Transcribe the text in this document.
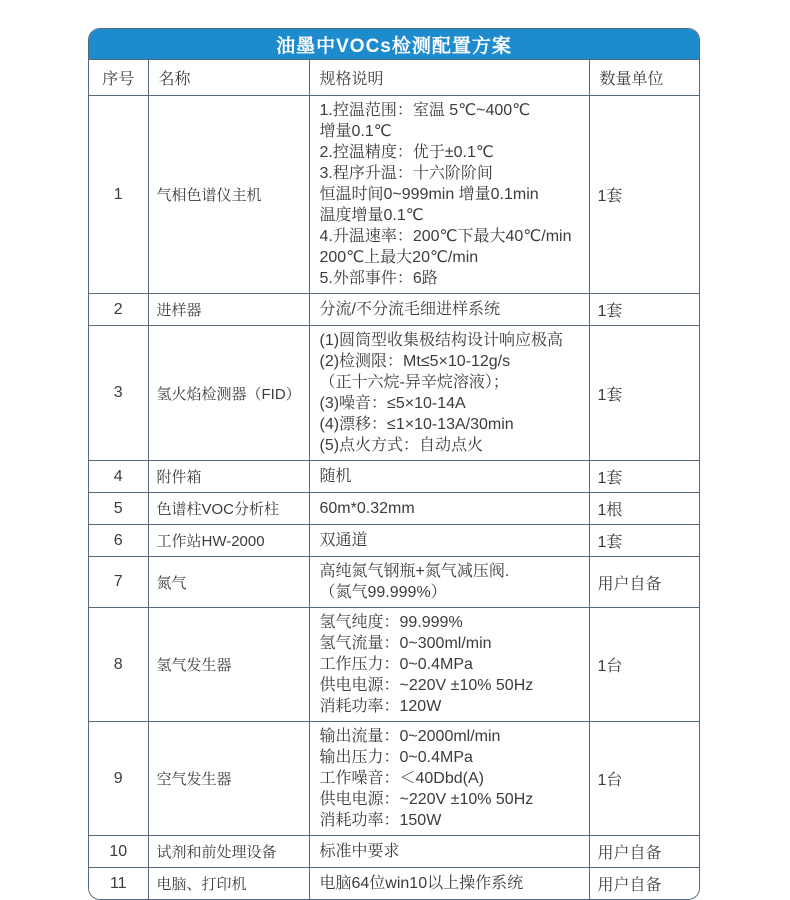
油墨中VOCs检测配置方案
序号	名称	规格说明	数量单位
1	气相色谱仪主机	
1.控温范围：室温 5℃~400℃
增量0.1℃
2.控温精度：优于±0.1℃
3.程序升温：十六阶阶间
恒温时间0~999min 增量0.1min
温度增量0.1℃
4.升温速率：200℃下最大40℃/min
200℃上最大20℃/min
5.外部事件：6路
	1套
2	进样器	分流/不分流毛细进样系统	1套
3	氢火焰检测器（FID）	
(1)圆筒型收集极结构设计响应极高
(2)检测限：Mt≤5×10-12g/s
（正十六烷-异辛烷溶液）；
(3)噪音：≤5×10-14A
(4)漂移：≤1×10-13A/30min
(5)点火方式：自动点火
	1套
4	附件箱	随机	1套
5	色谱柱VOC分析柱	60m*0.32mm	1根
6	工作站HW-2000	双通道	1套
7	氮气	高纯氮气钢瓶+氮气减压阀.
（氮气99.999%）	用户自备
8	氢气发生器	氢气纯度：99.999%
氢气流量：0~300ml/min
工作压力：0~0.4MPa
供电电源：~220V ±10% 50Hz
消耗功率：120W	1台
9	空气发生器	输出流量：0~2000ml/min
输出压力：0~0.4MPa
工作噪音：＜40Dbd(A)
供电电源：~220V ±10% 50Hz
消耗功率：150W	1台
10	试剂和前处理设备	标准中要求	用户自备
11	电脑、打印机	电脑64位win10以上操作系统	用户自备
